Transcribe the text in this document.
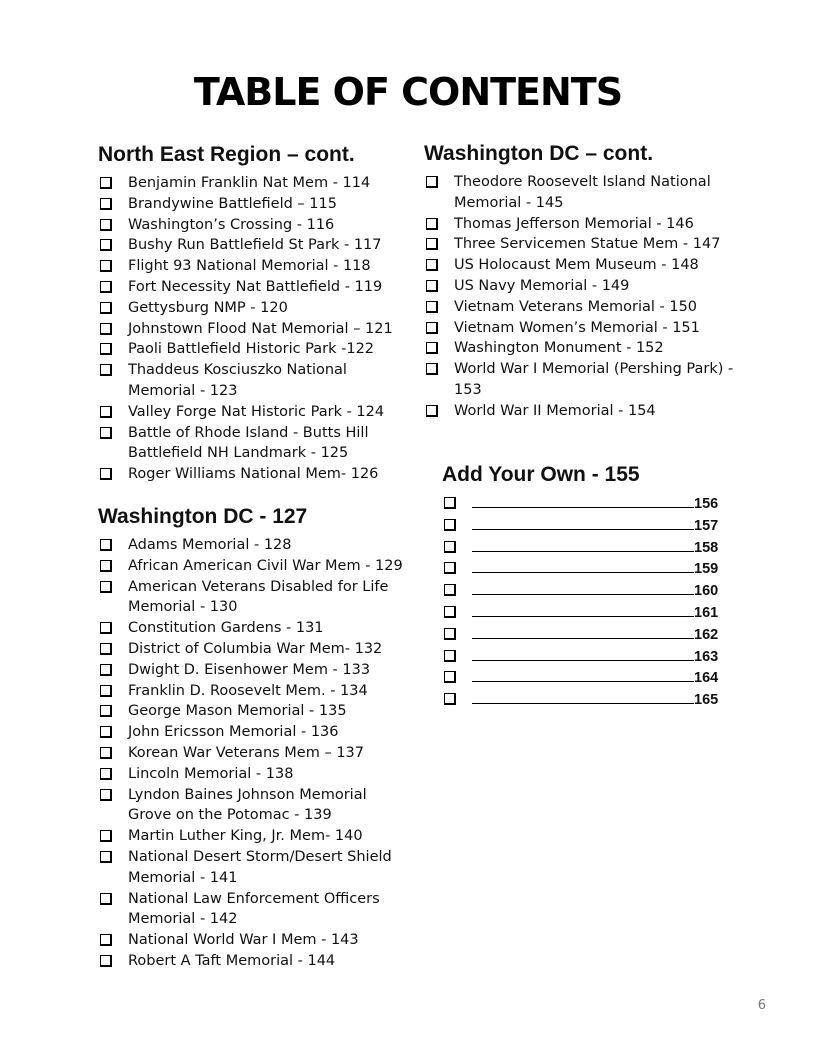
TABLE OF CONTENTS
North East Region – cont.
Benjamin Franklin Nat Mem - 114
Brandywine Battlefield – 115
Washington’s Crossing - 116
Bushy Run Battlefield St Park - 117
Flight 93 National Memorial - 118
Fort Necessity Nat Battlefield - 119
Gettysburg NMP - 120
Johnstown Flood Nat Memorial – 121
Paoli Battlefield Historic Park -122
Thaddeus Kosciuszko National Memorial - 123
Valley Forge Nat Historic Park - 124
Battle of Rhode Island - Butts Hill Battlefield NH Landmark - 125
Roger Williams National Mem- 126
Washington DC - 127
Adams Memorial - 128
African American Civil War Mem - 129
American Veterans Disabled for Life Memorial - 130
Constitution Gardens - 131
District of Columbia War Mem- 132
Dwight D. Eisenhower Mem - 133
Franklin D. Roosevelt Mem. - 134
George Mason Memorial - 135
John Ericsson Memorial - 136
Korean War Veterans Mem – 137
Lincoln Memorial - 138
Lyndon Baines Johnson Memorial Grove on the Potomac - 139
Martin Luther King, Jr. Mem- 140
National Desert Storm/Desert Shield Memorial - 141
National Law Enforcement Officers Memorial - 142
National World War I Mem - 143
Robert A Taft Memorial - 144
Washington DC – cont.
Theodore Roosevelt Island National Memorial - 145
Thomas Jefferson Memorial - 146
Three Servicemen Statue Mem - 147
US Holocaust Mem Museum - 148
US Navy Memorial - 149
Vietnam Veterans Memorial - 150
Vietnam Women’s Memorial - 151
Washington Monument - 152
World War I Memorial (Pershing Park) - 153
World War II Memorial - 154
Add Your Own - 155
156
157
158
159
160
161
162
163
164
165
6
